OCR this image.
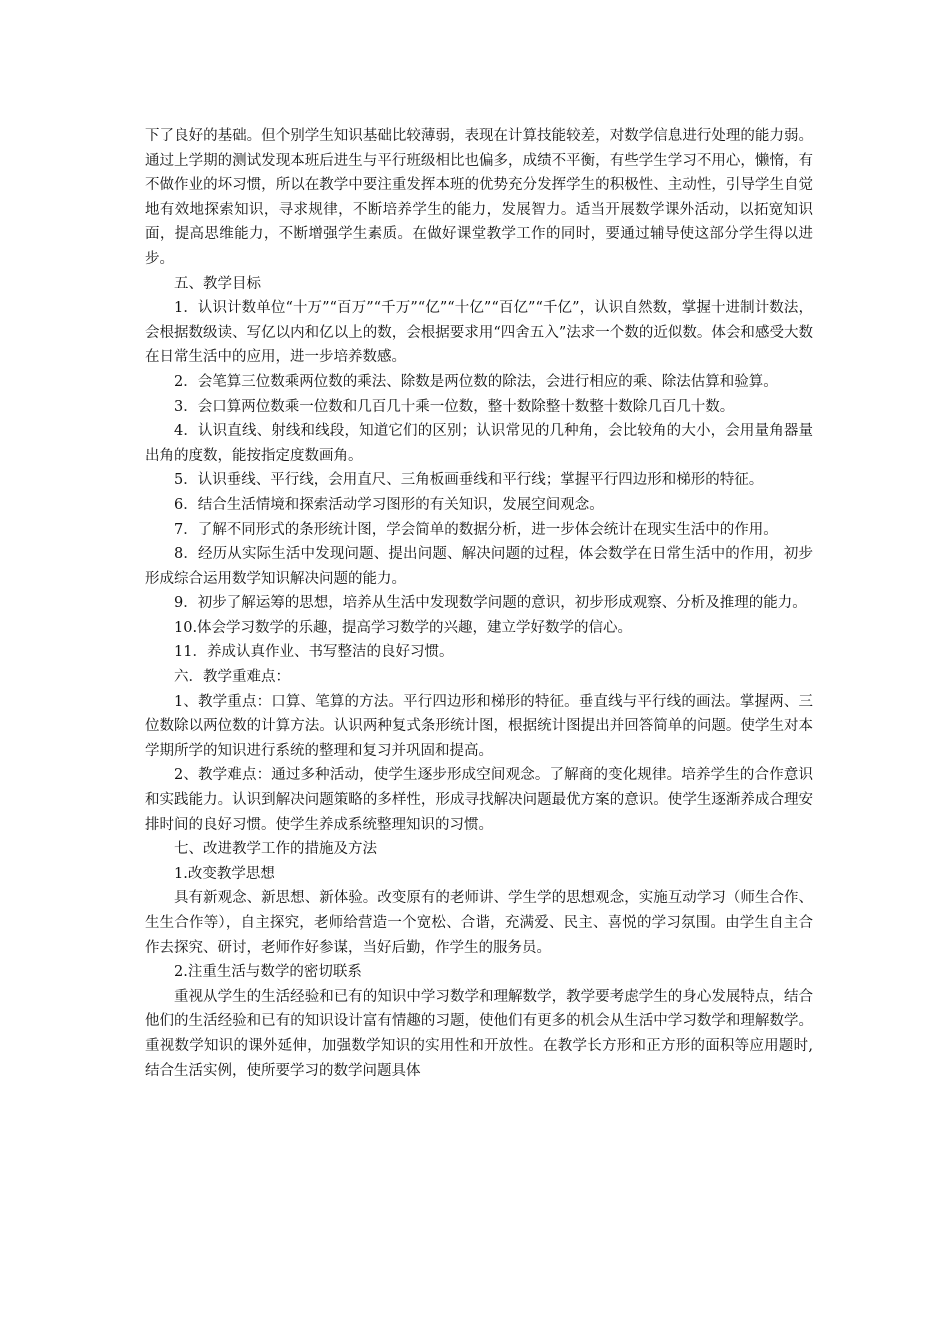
下了良好的基础。但个别学生知识基础比较薄弱，表现在计算技能较差，对数学信息进行处理的能力弱。通过上学期的测试发现本班后进生与平行班级相比也偏多，成绩不平衡，有些学生学习不用心，懒惰，有不做作业的坏习惯，所以在教学中要注重发挥本班的优势充分发挥学生的积极性、主动性，引导学生自觉地有效地探索知识，寻求规律，不断培养学生的能力，发展智力。适当开展数学课外活动，以拓宽知识面，提高思维能力，不断增强学生素质。在做好课堂教学工作的同时，要通过辅导使这部分学生得以进步。

五、教学目标

1．认识计数单位“十万”“百万”“千万”“亿”“十亿”“百亿”“千亿”，认识自然数，掌握十进制计数法，会根据数级读、写亿以内和亿以上的数，会根据要求用“四舍五入”法求一个数的近似数。体会和感受大数在日常生活中的应用，进一步培养数感。

2．会笔算三位数乘两位数的乘法、除数是两位数的除法，会进行相应的乘、除法估算和验算。

3．会口算两位数乘一位数和几百几十乘一位数，整十数除整十数整十数除几百几十数。

4．认识直线、射线和线段，知道它们的区别；认识常见的几种角，会比较角的大小，会用量角器量出角的度数，能按指定度数画角。

5．认识垂线、平行线，会用直尺、三角板画垂线和平行线；掌握平行四边形和梯形的特征。

6．结合生活情境和探索活动学习图形的有关知识，发展空间观念。

7．了解不同形式的条形统计图，学会简单的数据分析，进一步体会统计在现实生活中的作用。

8．经历从实际生活中发现问题、提出问题、解决问题的过程，体会数学在日常生活中的作用，初步形成综合运用数学知识解决问题的能力。

9．初步了解运筹的思想，培养从生活中发现数学问题的意识，初步形成观察、分析及推理的能力。

10.体会学习数学的乐趣，提高学习数学的兴趣，建立学好数学的信心。

11．养成认真作业、书写整洁的良好习惯。

六．教学重难点：

1、教学重点：口算、笔算的方法。平行四边形和梯形的特征。垂直线与平行线的画法。掌握两、三位数除以两位数的计算方法。认识两种复式条形统计图，根据统计图提出并回答简单的问题。使学生对本学期所学的知识进行系统的整理和复习并巩固和提高。

2、教学难点：通过多种活动，使学生逐步形成空间观念。了解商的变化规律。培养学生的合作意识和实践能力。认识到解决问题策略的多样性，形成寻找解决问题最优方案的意识。使学生逐渐养成合理安排时间的良好习惯。使学生养成系统整理知识的习惯。

七、改进教学工作的措施及方法

1.改变教学思想

具有新观念、新思想、新体验。改变原有的老师讲、学生学的思想观念，实施互动学习（师生合作、生生合作等），自主探究，老师给营造一个宽松、合谐，充满爱、民主、喜悦的学习氛围。由学生自主合作去探究、研讨，老师作好参谋，当好后勤，作学生的服务员。

2.注重生活与数学的密切联系

重视从学生的生活经验和已有的知识中学习数学和理解数学，教学要考虑学生的身心发展特点，结合他们的生活经验和已有的知识设计富有情趣的习题，使他们有更多的机会从生活中学习数学和理解数学。重视数学知识的课外延伸，加强数学知识的实用性和开放性。在教学长方形和正方形的面积等应用题时,结合生活实例，使所要学习的数学问题具体
